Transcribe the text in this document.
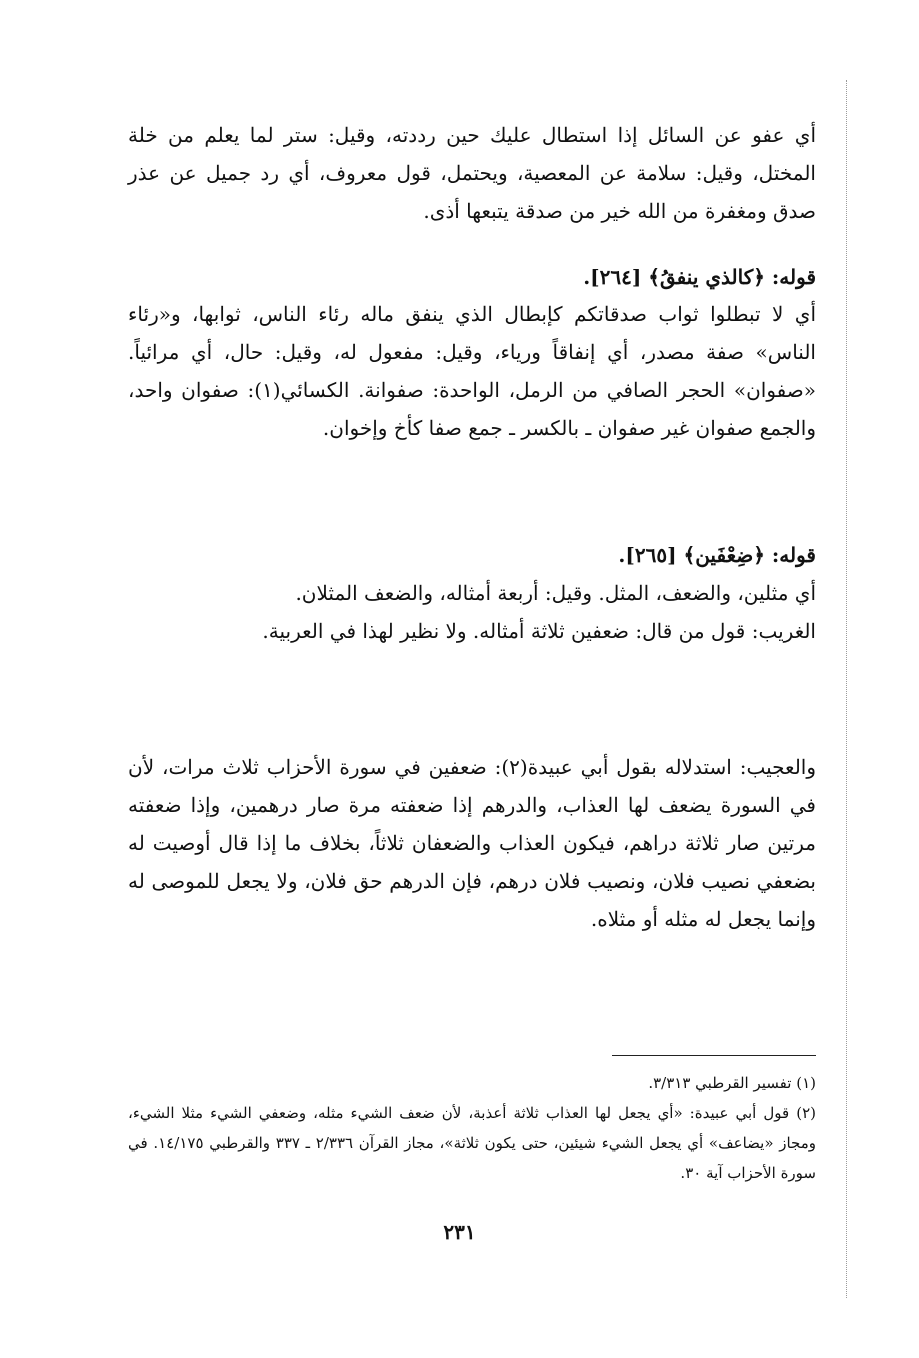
أي عفو عن السائل إذا استطال عليك حين رددته، وقيل: ستر لما يعلم من خلة المختل، وقيل: سلامة عن المعصية، ويحتمل، قول معروف، أي رد جميل عن عذر صدق ومغفرة من الله خير من صدقة يتبعها أذى.

قوله: ﴿كالذي ينفقُ﴾ [٢٦٤].

أي لا تبطلوا ثواب صدقاتكم كإبطال الذي ينفق ماله رئاء الناس، ثوابها، و«رئاء الناس» صفة مصدر، أي إنفاقاً ورياء، وقيل: مفعول له، وقيل: حال، أي مرائياً. «صفوان» الحجر الصافي من الرمل، الواحدة: صفوانة. الكسائي(١): صفوان واحد، والجمع صفوان غير صفوان ـ بالكسر ـ جمع صفا كأخ وإخوان.

قوله: ﴿ضِعْفَين﴾ [٢٦٥].

أي مثلين، والضعف، المثل. وقيل: أربعة أمثاله، والضعف المثلان.

الغريب: قول من قال: ضعفين ثلاثة أمثاله. ولا نظير لهذا في العربية.

والعجيب: استدلاله بقول أبي عبيدة(٢): ضعفين في سورة الأحزاب ثلاث مرات، لأن في السورة يضعف لها العذاب، والدرهم إذا ضعفته مرة صار درهمين، وإذا ضعفته مرتين صار ثلاثة دراهم، فيكون العذاب والضعفان ثلاثاً، بخلاف ما إذا قال أوصيت له بضعفي نصيب فلان، ونصيب فلان درهم، فإن الدرهم حق فلان، ولا يجعل للموصى له وإنما يجعل له مثله أو مثلاه.

(١) تفسير القرطبي ٣/٣١٣.

(٢) قول أبي عبيدة: «أي يجعل لها العذاب ثلاثة أعذبة، لأن ضعف الشيء مثله، وضعفي الشيء مثلا الشيء، ومجاز «يضاعف» أي يجعل الشيء شيئين، حتى يكون ثلاثة»، مجاز القرآن ٢/٣٣٦ ـ ٣٣٧ والقرطبي ١٤/١٧٥. في سورة الأحزاب آية ٣٠.

٢٣١
